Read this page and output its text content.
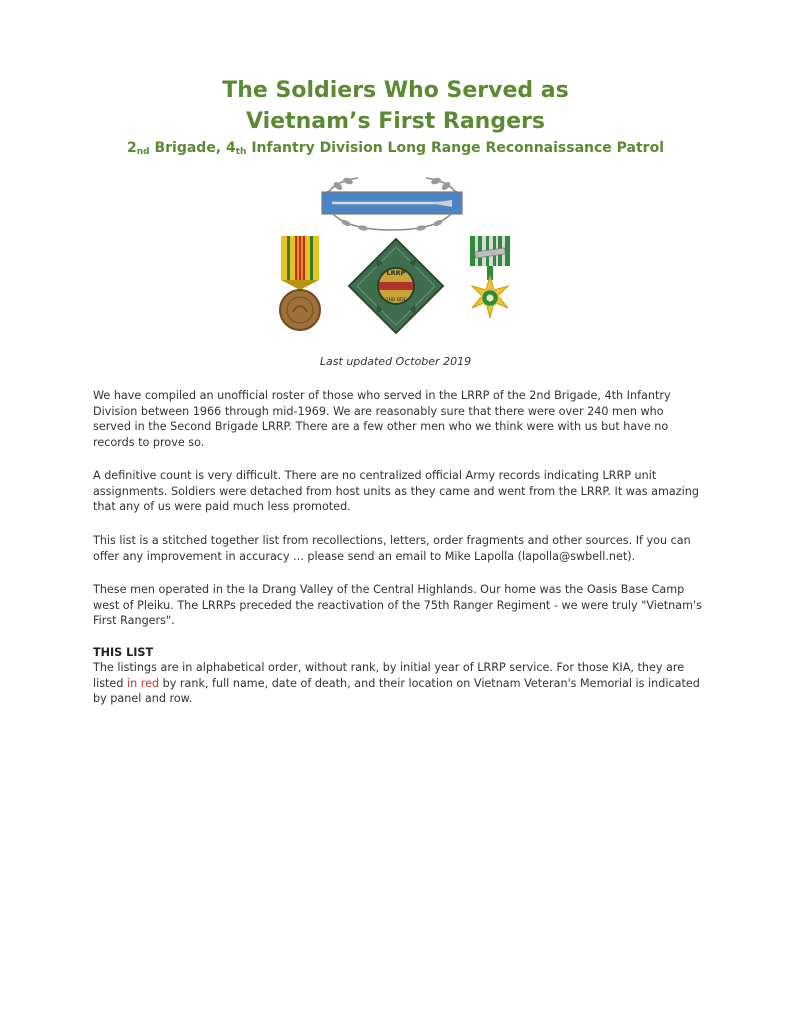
The Soldiers Who Served as
Vietnam’s First Rangers
$2_{nd}$ Brigade, $4_{th}$ Infantry Division Long Range Reconnaissance Patrol
LRRP
2ND BDE
Last updated October 2019

We have compiled an unofficial roster of those who served in the LRRP of the 2nd Brigade, 4th Infantry Division between 1966 through mid-1969. We are reasonably sure that there were over 240 men who served in the Second Brigade LRRP. There are a few other men who we think were with us but have no records to prove so.

A definitive count is very difficult. There are no centralized official Army records indicating LRRP unit assignments. Soldiers were detached from host units as they came and went from the LRRP. It was amazing that any of us were paid much less promoted.

This list is a stitched together list from recollections, letters, order fragments and other sources. If you can offer any improvement in accuracy ... please send an email to Mike Lapolla (lapolla@swbell.net).

These men operated in the Ia Drang Valley of the Central Highlands. Our home was the Oasis Base Camp west of Pleiku. The LRRPs preceded the reactivation of the 75th Ranger Regiment - we were truly "Vietnam's First Rangers".

THIS LIST

The listings are in alphabetical order, without rank, by initial year of LRRP service. For those KIA, they are listed in red by rank, full name, date of death, and their location on Vietnam Veteran's Memorial is indicated by panel and row.
